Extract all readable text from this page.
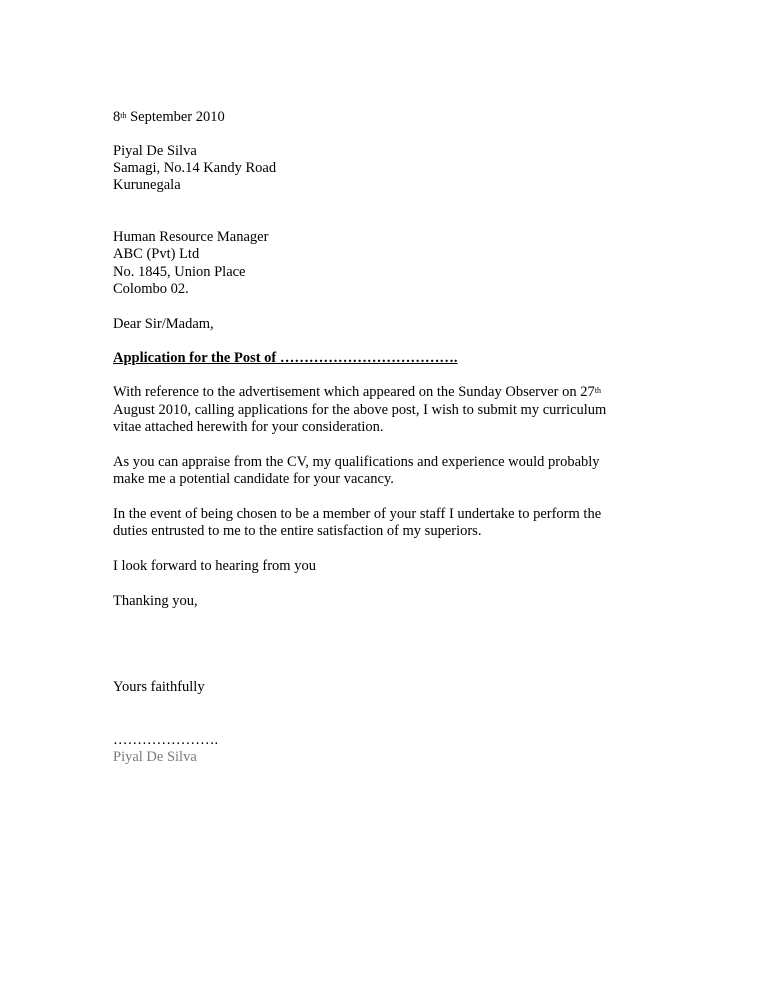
8th September 2010
Piyal De Silva
Samagi, No.14 Kandy Road
Kurunegala
Human Resource Manager
ABC (Pvt) Ltd
No. 1845, Union Place
Colombo 02.
Dear Sir/Madam,
Application for the Post of ……………………………….
With reference to the advertisement which appeared on the Sunday Observer on 27th
August 2010, calling applications for the above post, I wish to submit my curriculum
vitae attached herewith for your consideration.
As you can appraise from the CV, my qualifications and experience would probably
make me a potential candidate for your vacancy.
In the event of being chosen to be a member of your staff I undertake to perform the
duties entrusted to me to the entire satisfaction of my superiors.
I look forward to hearing from you
Thanking you,
Yours faithfully
………………….
Piyal De Silva
